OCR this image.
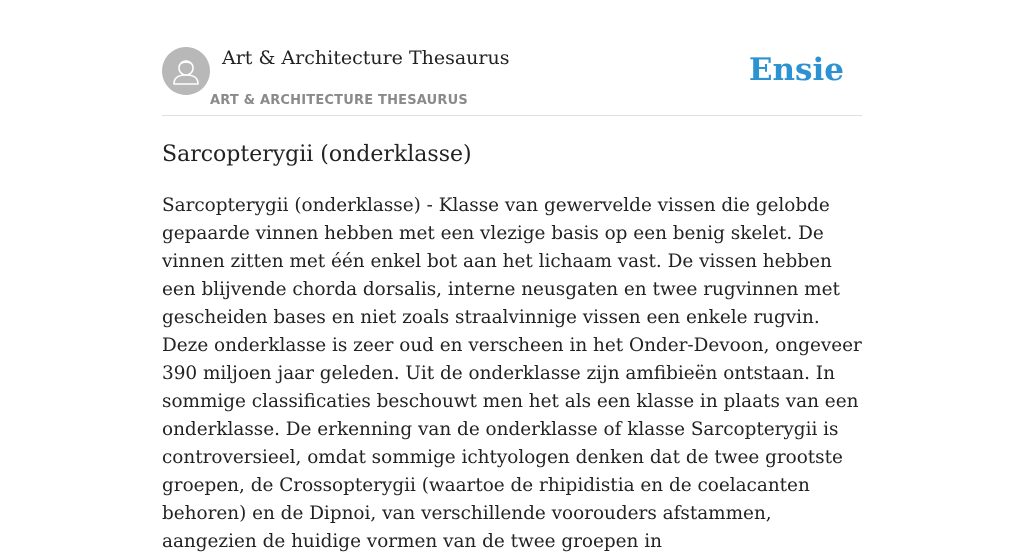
Art & Architecture Thesaurus
ART & ARCHITECTURE THESAURUS
Ensie
Sarcopterygii (onderklasse)

Sarcopterygii (onderklasse) - Klasse van gewervelde vissen die gelobde gepaarde vinnen hebben met een vlezige basis op een benig skelet. De vinnen zitten met één enkel bot aan het lichaam vast. De vissen hebben een blijvende chorda dorsalis, interne neusgaten en twee rugvinnen met gescheiden bases en niet zoals straalvinnige vissen een enkele rugvin. Deze onderklasse is zeer oud en verscheen in het Onder-Devoon, ongeveer 390 miljoen jaar geleden. Uit de onderklasse zijn amfibieën ontstaan. In sommige classificaties beschouwt men het als een klasse in plaats van een onderklasse. De erkenning van de onderklasse of klasse Sarcopterygii is controversieel, omdat sommige ichtyologen denken dat de twee grootste groepen, de Crossopterygii (waartoe de rhipidistia en de coelacanten behoren) en de Dipnoi, van verschillende voorouders afstammen, aangezien de huidige vormen van de twee groepen in
